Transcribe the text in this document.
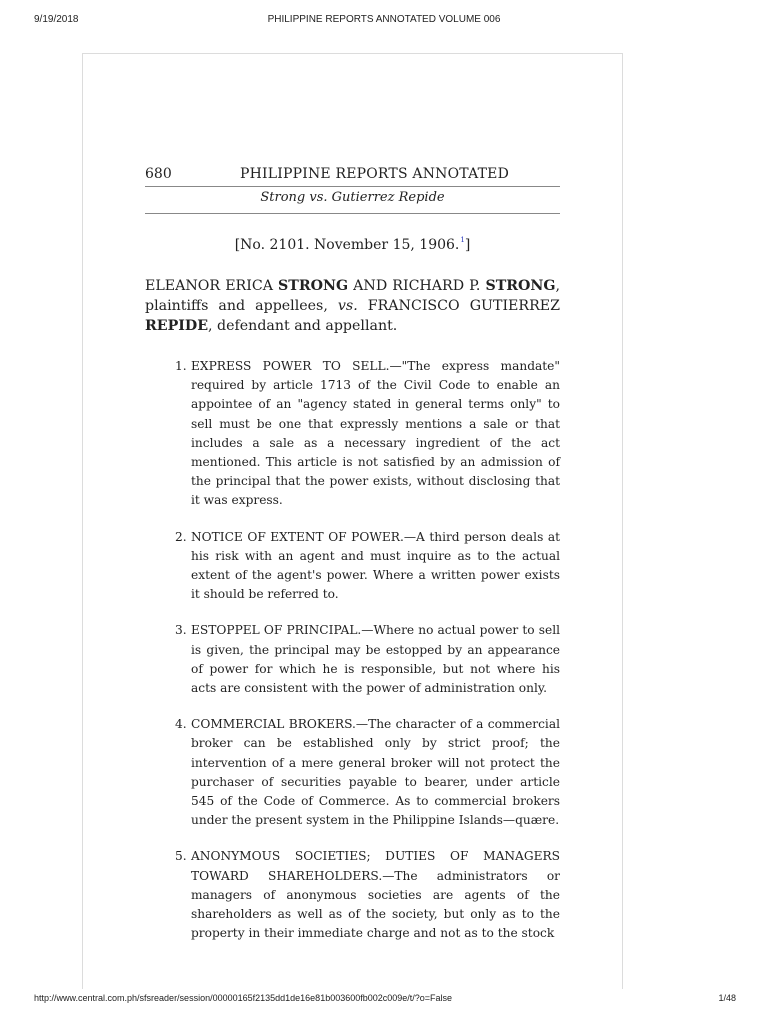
9/19/2018	PHILIPPINE REPORTS ANNOTATED VOLUME 006
680	PHILIPPINE REPORTS ANNOTATED
Strong vs. Gutierrez Repide
[No. 2101. November 15, 1906.$^1$]
ELEANOR ERICA STRONG AND RICHARD P. STRONG, plaintiffs and appellees, vs. FRANCISCO GUTIERREZ REPIDE, defendant and appellant.
1. EXPRESS POWER TO SELL.—"The express mandate" required by article 1713 of the Civil Code to enable an appointee of an "agency stated in general terms only" to sell must be one that expressly mentions a sale or that includes a sale as a necessary ingredient of the act mentioned. This article is not satisfied by an admission of the principal that the power exists, without disclosing that it was express.
2. NOTICE OF EXTENT OF POWER.—A third person deals at his risk with an agent and must inquire as to the actual extent of the agent's power. Where a written power exists it should be referred to.
3. ESTOPPEL OF PRINCIPAL.—Where no actual power to sell is given, the principal may be estopped by an appearance of power for which he is responsible, but not where his acts are consistent with the power of administration only.
4. COMMERCIAL BROKERS.—The character of a commercial broker can be established only by strict proof; the intervention of a mere general broker will not protect the purchaser of securities payable to bearer, under article 545 of the Code of Commerce. As to commercial brokers under the present system in the Philippine Islands—quære.
5. ANONYMOUS SOCIETIES; DUTIES OF MANAGERS TOWARD SHAREHOLDERS.—The administrators or managers of anonymous societies are agents of the shareholders as well as of the society, but only as to the property in their immediate charge and not as to the stock
http://www.central.com.ph/sfsreader/session/00000165f2135dd1de16e81b003600fb002c009e/t/?o=False	1/48
